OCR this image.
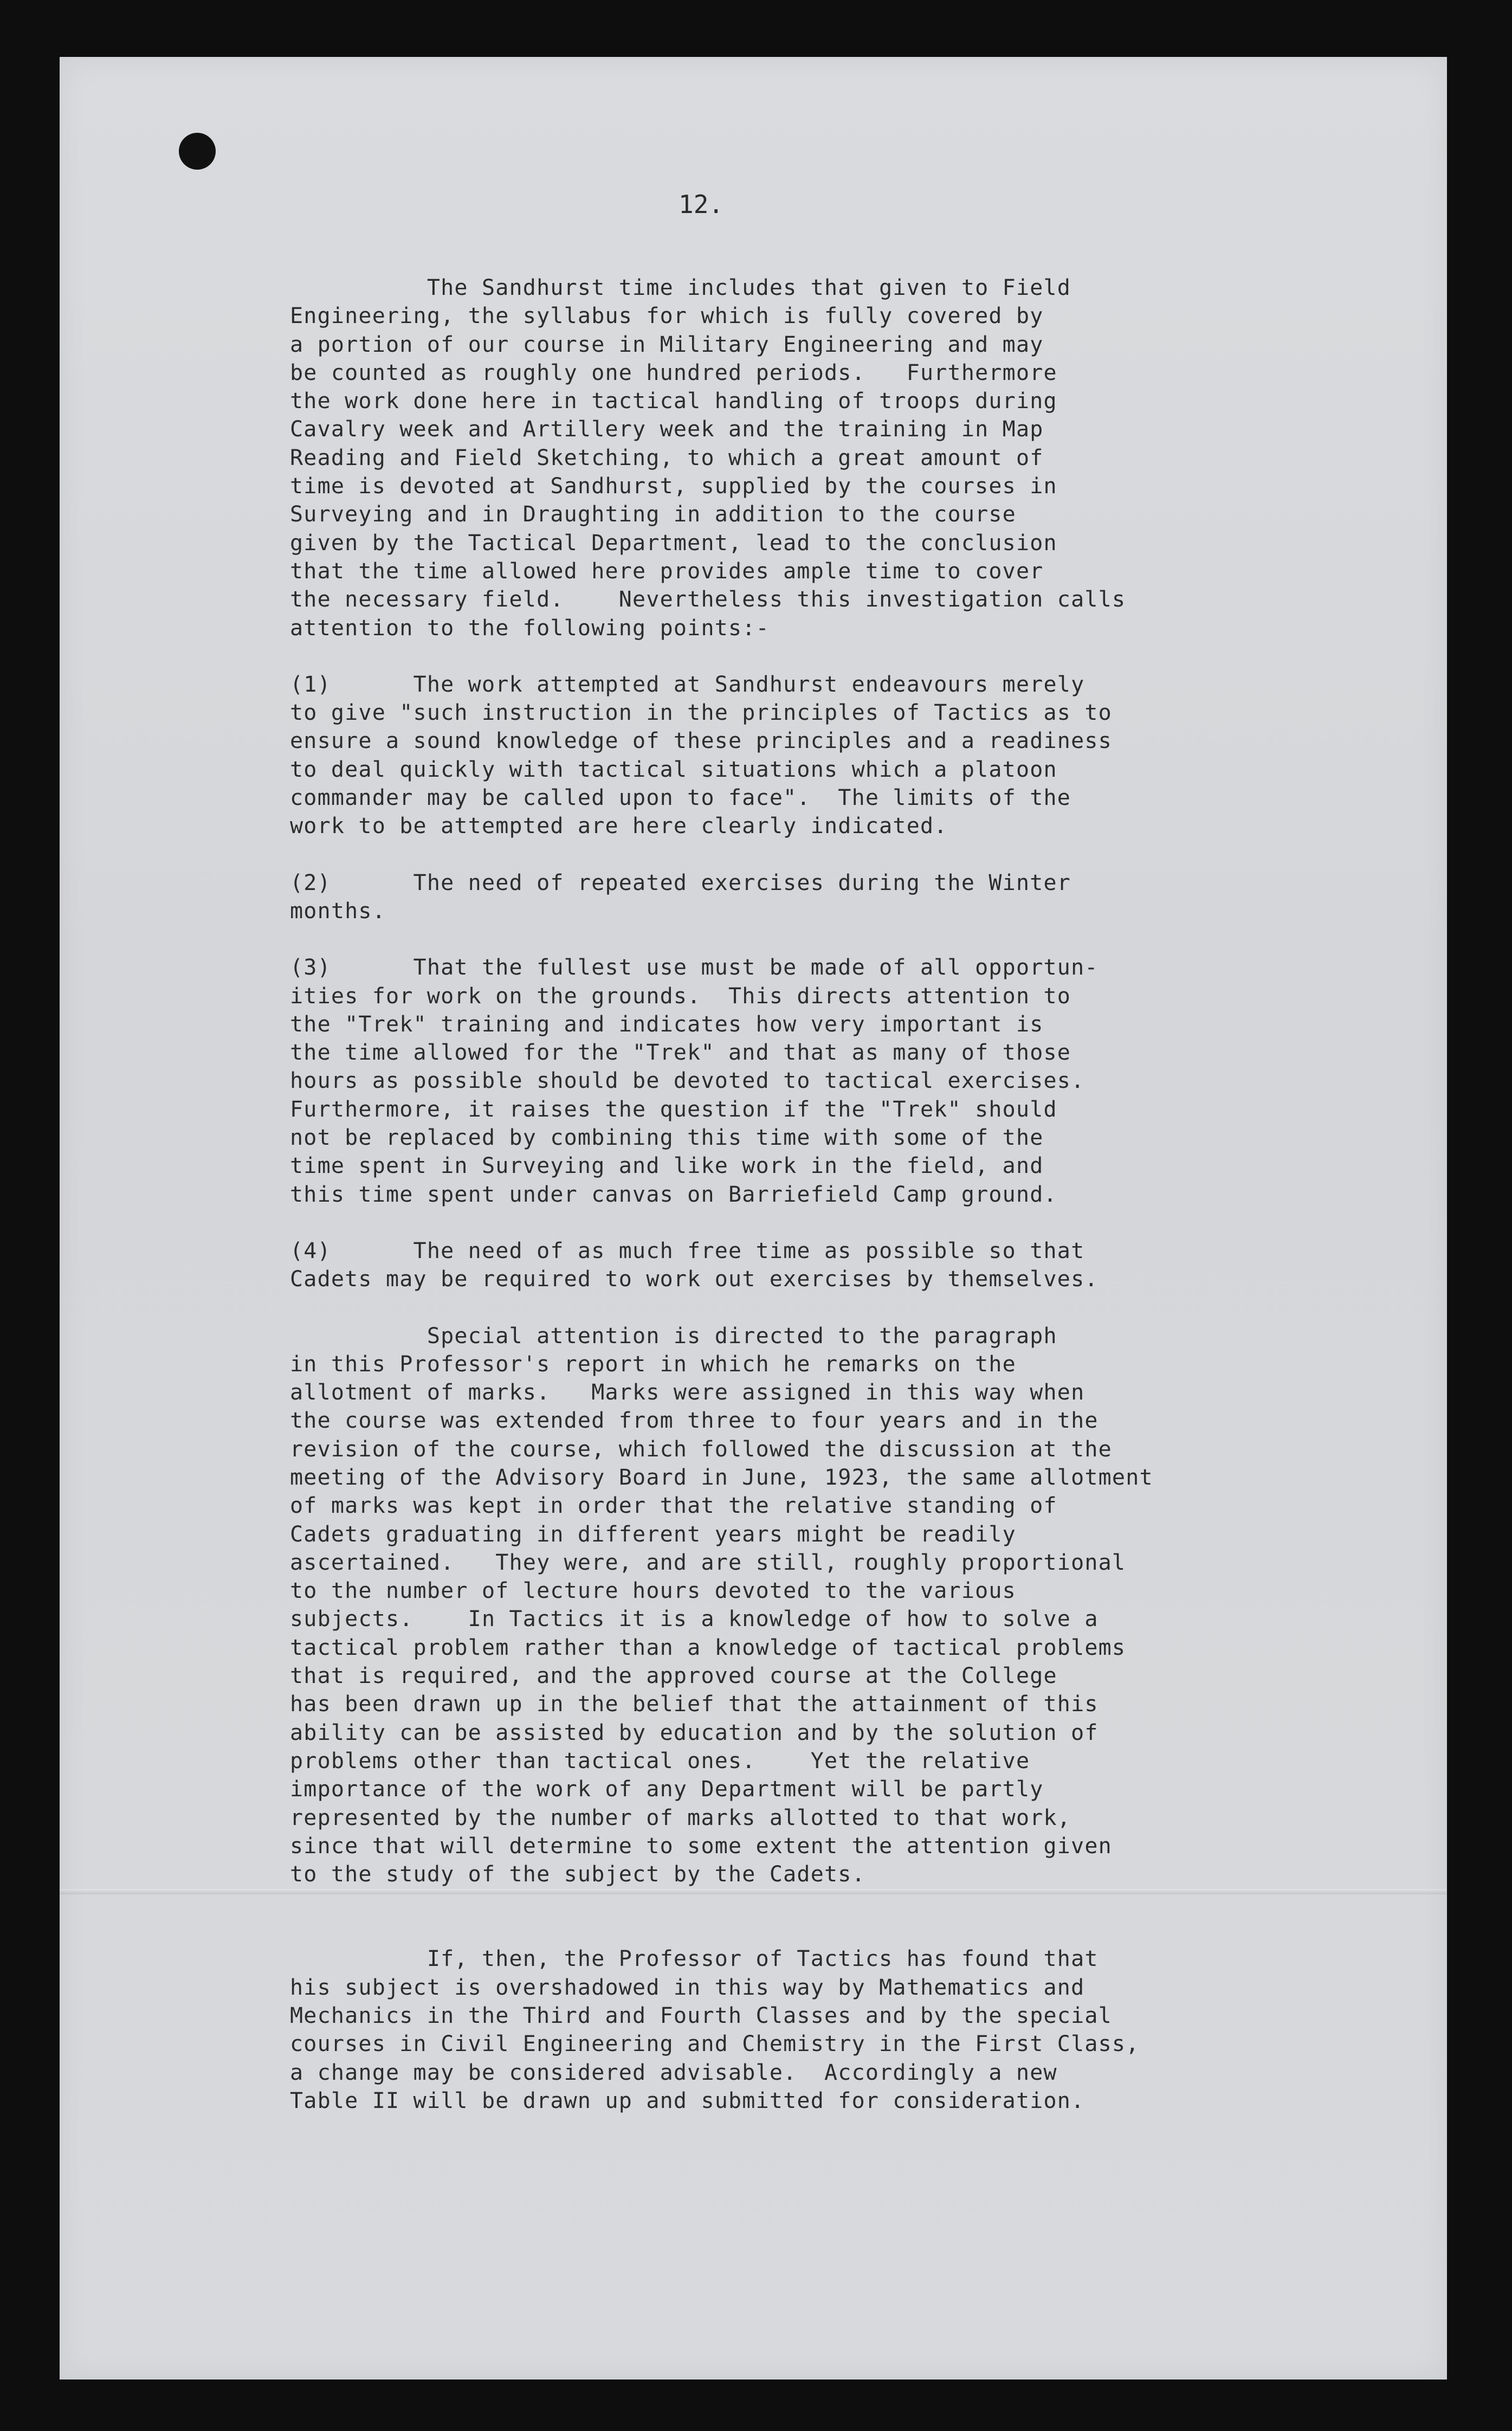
12.

The Sandhurst time includes that given to Field
Engineering, the syllabus for which is fully covered by
a portion of our course in Military Engineering and may
be counted as roughly one hundred periods.   Furthermore
the work done here in tactical handling of troops during
Cavalry week and Artillery week and the training in Map
Reading and Field Sketching, to which a great amount of
time is devoted at Sandhurst, supplied by the courses in
Surveying and in Draughting in addition to the course
given by the Tactical Department, lead to the conclusion
that the time allowed here provides ample time to cover
the necessary field.    Nevertheless this investigation calls
attention to the following points:-

(1)      The work attempted at Sandhurst endeavours merely
to give "such instruction in the principles of Tactics as to
ensure a sound knowledge of these principles and a readiness
to deal quickly with tactical situations which a platoon
commander may be called upon to face".  The limits of the
work to be attempted are here clearly indicated.

(2)      The need of repeated exercises during the Winter
months.

(3)      That the fullest use must be made of all opportun-
ities for work on the grounds.  This directs attention to
the "Trek" training and indicates how very important is
the time allowed for the "Trek" and that as many of those
hours as possible should be devoted to tactical exercises.
Furthermore, it raises the question if the "Trek" should
not be replaced by combining this time with some of the
time spent in Surveying and like work in the field, and
this time spent under canvas on Barriefield Camp ground.

(4)      The need of as much free time as possible so that
Cadets may be required to work out exercises by themselves.

Special attention is directed to the paragraph
in this Professor's report in which he remarks on the
allotment of marks.   Marks were assigned in this way when
the course was extended from three to four years and in the
revision of the course, which followed the discussion at the
meeting of the Advisory Board in June, 1923, the same allotment
of marks was kept in order that the relative standing of
Cadets graduating in different years might be readily
ascertained.   They were, and are still, roughly proportional
to the number of lecture hours devoted to the various
subjects.    In Tactics it is a knowledge of how to solve a
tactical problem rather than a knowledge of tactical problems
that is required, and the approved course at the College
has been drawn up in the belief that the attainment of this
ability can be assisted by education and by the solution of
problems other than tactical ones.    Yet the relative
importance of the work of any Department will be partly
represented by the number of marks allotted to that work,
since that will determine to some extent the attention given
to the study of the subject by the Cadets.

If, then, the Professor of Tactics has found that
his subject is overshadowed in this way by Mathematics and
Mechanics in the Third and Fourth Classes and by the special
courses in Civil Engineering and Chemistry in the First Class,
a change may be considered advisable.  Accordingly a new
Table II will be drawn up and submitted for consideration.
